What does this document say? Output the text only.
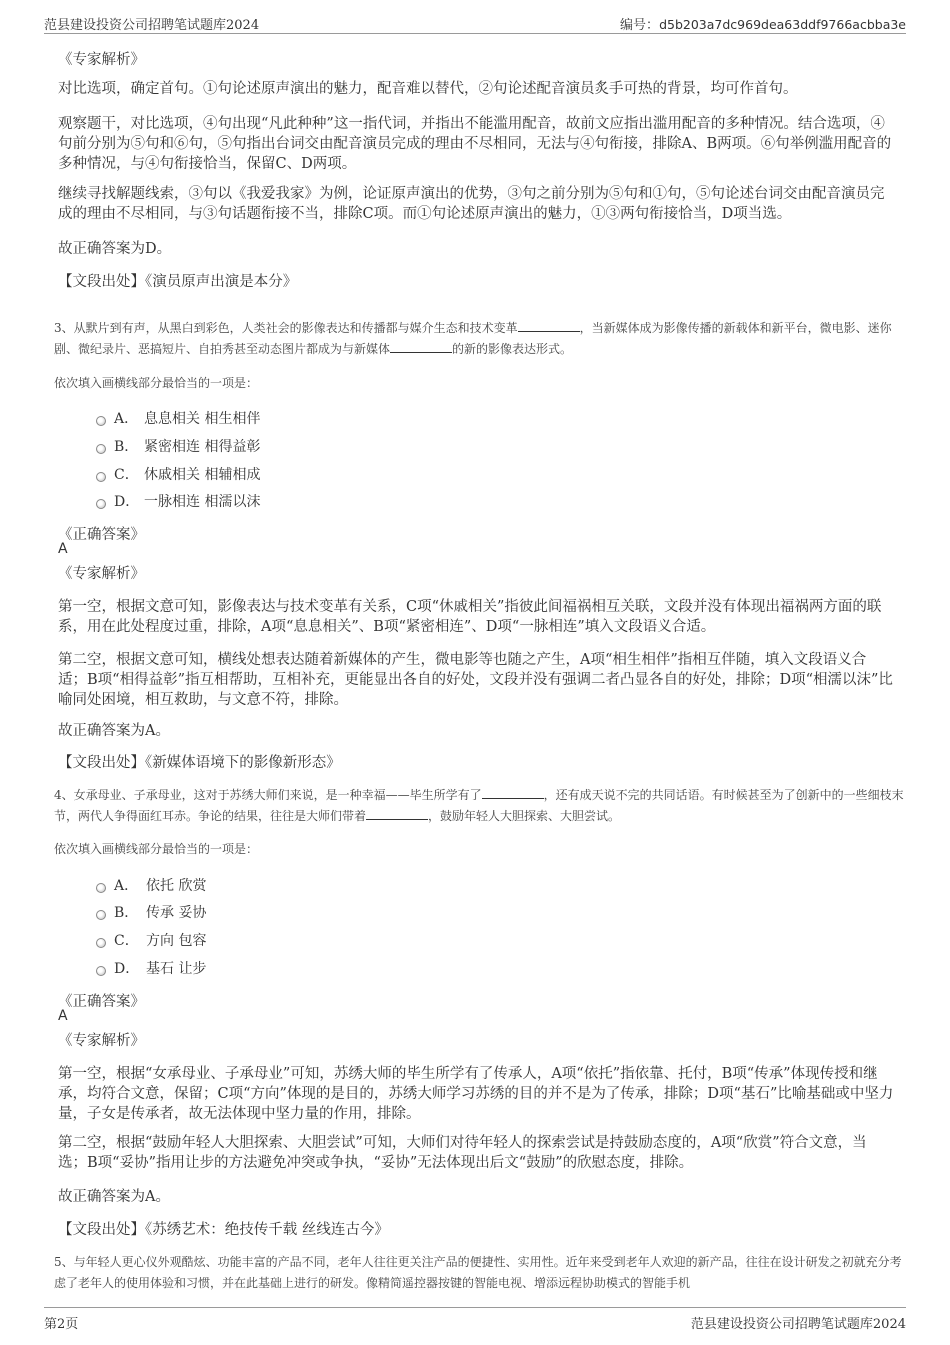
范县建设投资公司招聘笔试题库2024	编号：d5b203a7dc969dea63ddf9766acbba3e
《专家解析》

对比选项，确定首句。①句论述原声演出的魅力，配音难以替代，②句论述配音演员炙手可热的背景，均可作首句。

观察题干，对比选项，④句出现“凡此种种”这一指代词，并指出不能滥用配音，故前文应指出滥用配音的多种情况。结合选项，④句前分别为⑤句和⑥句，⑤句指出台词交由配音演员完成的理由不尽相同，无法与④句衔接，排除A、B两项。⑥句举例滥用配音的多种情况，与④句衔接恰当，保留C、D两项。

继续寻找解题线索，③句以《我爱我家》为例，论证原声演出的优势，③句之前分别为⑤句和①句，⑤句论述台词交由配音演员完成的理由不尽相同，与③句话题衔接不当，排除C项。而①句论述原声演出的魅力，①③两句衔接恰当，D项当选。

故正确答案为D。
【文段出处】《演员原声出演是本分》

3、从默片到有声，从黑白到彩色，人类社会的影像表达和传播都与媒介生态和技术变革	，当新媒体成为影像传播的新载体和新平台，微电影、迷你剧、微纪录片、恶搞短片、自拍秀甚至动态图片都成为与新媒体	的新的影像表达形式。

依次填入画横线部分最恰当的一项是：
A． 息息相关 相生相伴
B． 紧密相连 相得益彰
C． 休戚相关 相辅相成
D． 一脉相连 相濡以沫
《正确答案》
A
《专家解析》

第一空，根据文意可知，影像表达与技术变革有关系，C项“休戚相关”指彼此间福祸相互关联，文段并没有体现出福祸两方面的联系，用在此处程度过重，排除，A项“息息相关”、B项“紧密相连”、D项“一脉相连”填入文段语义合适。

第二空，根据文意可知，横线处想表达随着新媒体的产生，微电影等也随之产生，A项“相生相伴”指相互伴随，填入文段语义合适；B项“相得益彰”指互相帮助，互相补充，更能显出各自的好处，文段并没有强调二者凸显各自的好处，排除；D项“相濡以沫”比喻同处困境，相互救助，与文意不符，排除。

故正确答案为A。
【文段出处】《新媒体语境下的影像新形态》

4、女承母业、子承母业，这对于苏绣大师们来说，是一种幸福——毕生所学有了	，还有成天说不完的共同话语。有时候甚至为了创新中的一些细枝末节，两代人争得面红耳赤。争论的结果，往往是大师们带着	，鼓励年轻人大胆探索、大胆尝试。

依次填入画横线部分最恰当的一项是：
A． 依托 欣赏
B． 传承 妥协
C． 方向 包容
D． 基石 让步
《正确答案》
A
《专家解析》

第一空，根据“女承母业、子承母业”可知，苏绣大师的毕生所学有了传承人，A项“依托”指依靠、托付，B项“传承”体现传授和继承，均符合文意，保留；C项“方向”体现的是目的，苏绣大师学习苏绣的目的并不是为了传承，排除；D项“基石”比喻基础或中坚力量，子女是传承者，故无法体现中坚力量的作用，排除。

第二空，根据“鼓励年轻人大胆探索、大胆尝试”可知，大师们对待年轻人的探索尝试是持鼓励态度的，A项“欣赏”符合文意，当选；B项“妥协”指用让步的方法避免冲突或争执，“妥协”无法体现出后文“鼓励”的欣慰态度，排除。

故正确答案为A。
【文段出处】《苏绣艺术：绝技传千载 丝线连古今》

5、与年轻人更心仪外观酷炫、功能丰富的产品不同，老年人往往更关注产品的便捷性、实用性。近年来受到老年人欢迎的新产品，往往在设计研发之初就充分考虑了老年人的使用体验和习惯，并在此基础上进行的研发。像精简遥控器按键的智能电视、增添远程协助模式的智能手机

第2页	范县建设投资公司招聘笔试题库2024
